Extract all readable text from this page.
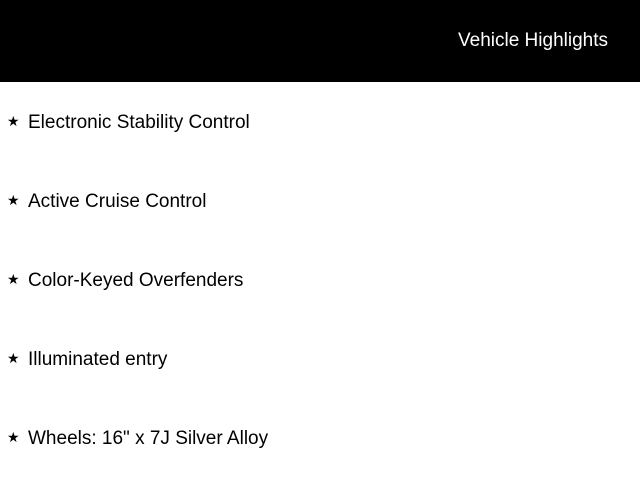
Vehicle Highlights
★ Electronic Stability Control
★ Active Cruise Control
★ Color-Keyed Overfenders
★ Illuminated entry
★ Wheels: 16" x 7J Silver Alloy
